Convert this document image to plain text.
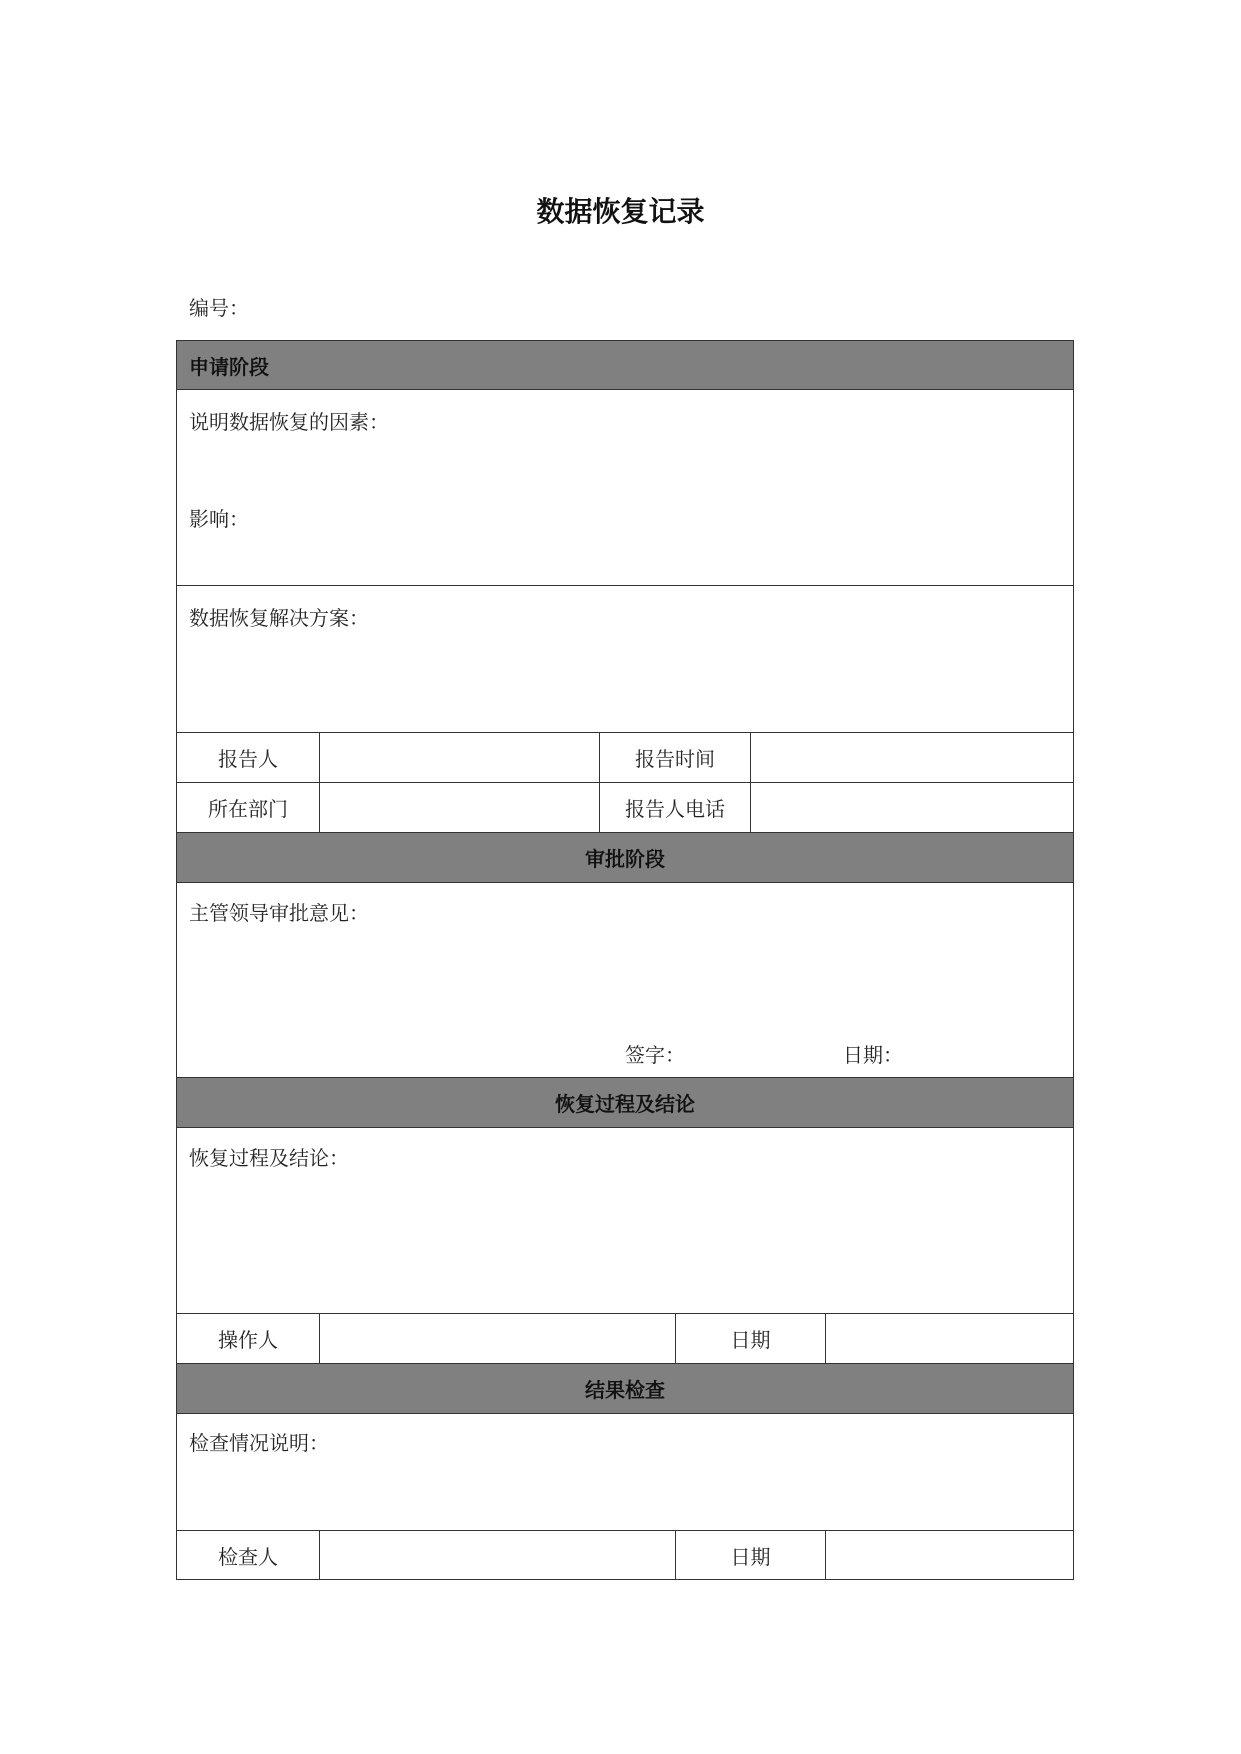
数据恢复记录
编号：
申请阶段
说明数据恢复的因素：
影响：
数据恢复解决方案：
报告人	报告时间
所在部门	报告人电话
审批阶段
主管领导审批意见：
签字：	日期：
恢复过程及结论
恢复过程及结论：
操作人	日期
结果检查
检查情况说明：
检查人	日期
